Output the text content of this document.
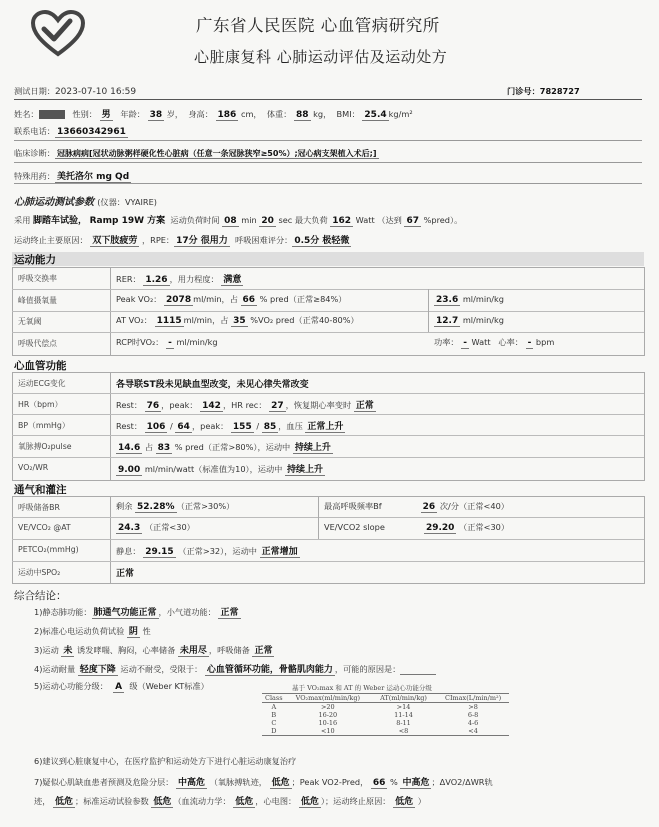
广东省人民医院 心血管病研究所
心脏康复科 心肺运动评估及运动处方
测试日期：2023-07-10 16:59	门诊号：7828727
姓名：	性别： 男 年龄： 38 岁， 身高： 186 cm， 体重： 88 kg， BMI： 25.4 kg/m²
联系电话： 13660342961
临床诊断： 冠脉病病[冠状动脉粥样硬化性心脏病（任意一条冠脉狭窄≥50%）;冠心病支架植入术后;]
特殊用药： 美托洛尔 mg Qd
心肺运动测试参数 (仪器：VYAIRE)
采用 脚踏车试验， Ramp 19W 方案 运动负荷时间 08 min 20 sec 最大负荷 162 Watt （达到 67 %pred）。
运动终止主要原因： 双下肢疲劳 ，RPE： 17分 很用力 呼吸困难评分： 0.5分 极轻微
运动能力
呼吸交换率	RER： 1.26 ，用力程度： 满意
峰值摄氧量	Peak VO₂： 2078 ml/min，占 66 % pred（正常≥84%）	23.6 ml/min/kg
无氧阈	AT VO₂： 1115 ml/min，占 35 %VO₂ pred（正常40-80%）	12.7 ml/min/kg
呼吸代偿点	RCP时VO₂： - ml/min/kg	功率： - Watt 心率： - bpm
心血管功能
运动ECG变化	各导联ST段未见缺血型改变，未见心律失常改变
HR（bpm）	Rest： 76 ，peak： 142 ，HR rec： 27 ，恢复期心率变时 正常
BP（mmHg）	Rest： 106 / 64 ，peak： 155 / 85 ，血压 正常上升
氧脉搏O₂pulse	14.6 占 83 % pred（正常>80%），运动中 持续上升
VO₂/WR	9.00 ml/min/watt（标准值为10），运动中 持续上升
通气和灌注
呼吸储备BR	剩余 52.28% （正常>30%）	最高呼吸频率Bf	26 次/分（正常<40）
VE/VCO₂ @AT	24.3 （正常<30）	VE/VCO2 slope	29.20 （正常<30）
PETCO₂(mmHg)	静息： 29.15 （正常>32），运动中 正常增加
运动中SPO₂	正常
综合结论：
1)静态肺功能： 肺通气功能正常 ，小气道功能： 正常
2)标准心电运动负荷试验 阴 性
3)运动 未 诱发哮喘、胸闷，心率储备 未用尽 ，呼吸储备 正常
4)运动耐量 轻度下降 运动不耐受，受限于： 心血管循环功能，骨骼肌肉能力 ，可能的原因是：
5)运动心功能分级： A 级（Weber KT标准）	基于 VO₂max 和 AT 的 Weber 运动心功能分级
Class	VO₂max(ml/min/kg)	AT(ml/min/kg)	CImax(L/min/m²)
A	>20	>14	>8
B	16-20	11-14	6-8
C	10-16	8-11	4-6
D	<10	<8	<4
6)建议到心脏康复中心，在医疗监护和运动处方下进行心脏运动康复治疗
7)疑似心肌缺血患者预测及危险分层： 中高危 （氧脉搏轨迹， 低危 ；Peak VO2-Pred， 66 % 中高危 ；ΔVO2/ΔWR轨
迹， 低危 ；标准运动试验参数 低危 （血流动力学： 低危 ，心电图： 低危 ）；运动终止原因： 低危 ）
